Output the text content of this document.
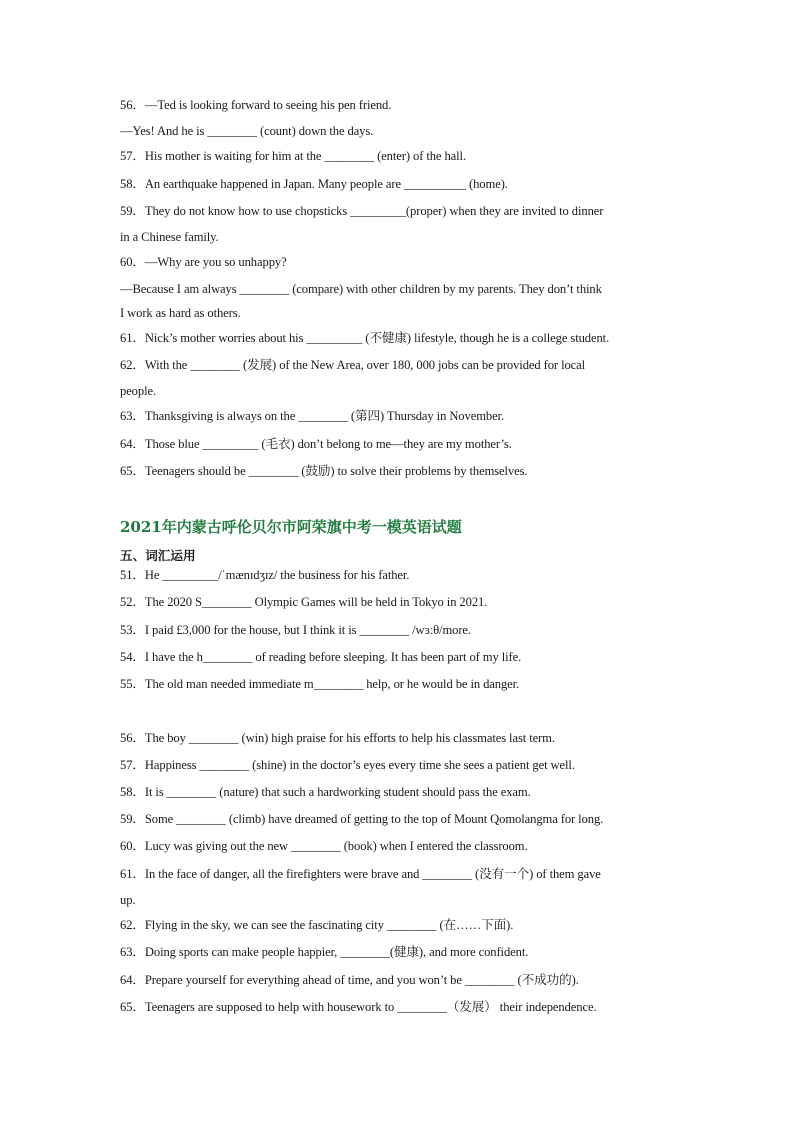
56．—Ted is looking forward to seeing his pen friend.
—Yes! And he is ________ (count) down the days.
57．His mother is waiting for him at the ________ (enter) of the hall.
58．An earthquake happened in Japan. Many people are __________ (home).
59．They do not know how to use chopsticks _________(proper) when they are invited to dinner
in a Chinese family.
60．—Why are you so unhappy?
—Because I am always ________ (compare) with other children by my parents. They don’t think
I work as hard as others.
61．Nick’s mother worries about his _________ (不健康) lifestyle, though he is a college student.
62．With the ________ (发展) of the New Area, over 180, 000 jobs can be provided for local
people.
63．Thanksgiving is always on the ________ (第四) Thursday in November.
64．Those blue _________ (毛衣) don’t belong to me—they are my mother’s.
65．Teenagers should be ________ (鼓励) to solve their problems by themselves.
2021年内蒙古呼伦贝尔市阿荣旗中考一模英语试题
五、词汇运用
51．He _________/ˈmænɪdʒɪz/ the business for his father.
52．The 2020 S________ Olympic Games will be held in Tokyo in 2021.
53．I paid £3,000 for the house, but I think it is ________ /wɜːθ/more.
54．I have the h________ of reading before sleeping. It has been part of my life.
55．The old man needed immediate m________ help, or he would be in danger.
56．The boy ________ (win) high praise for his efforts to help his classmates last term.
57．Happiness ________ (shine) in the doctor’s eyes every time she sees a patient get well.
58．It is ________ (nature) that such a hardworking student should pass the exam.
59．Some ________ (climb) have dreamed of getting to the top of Mount Qomolangma for long.
60．Lucy was giving out the new ________ (book) when I entered the classroom.
61．In the face of danger, all the firefighters were brave and ________ (没有一个) of them gave
up.
62．Flying in the sky, we can see the fascinating city ________ (在……下面).
63．Doing sports can make people happier, ________(健康), and more confident.
64．Prepare yourself for everything ahead of time, and you won’t be ________ (不成功的).
65．Teenagers are supposed to help with housework to ________（发展） their independence.
